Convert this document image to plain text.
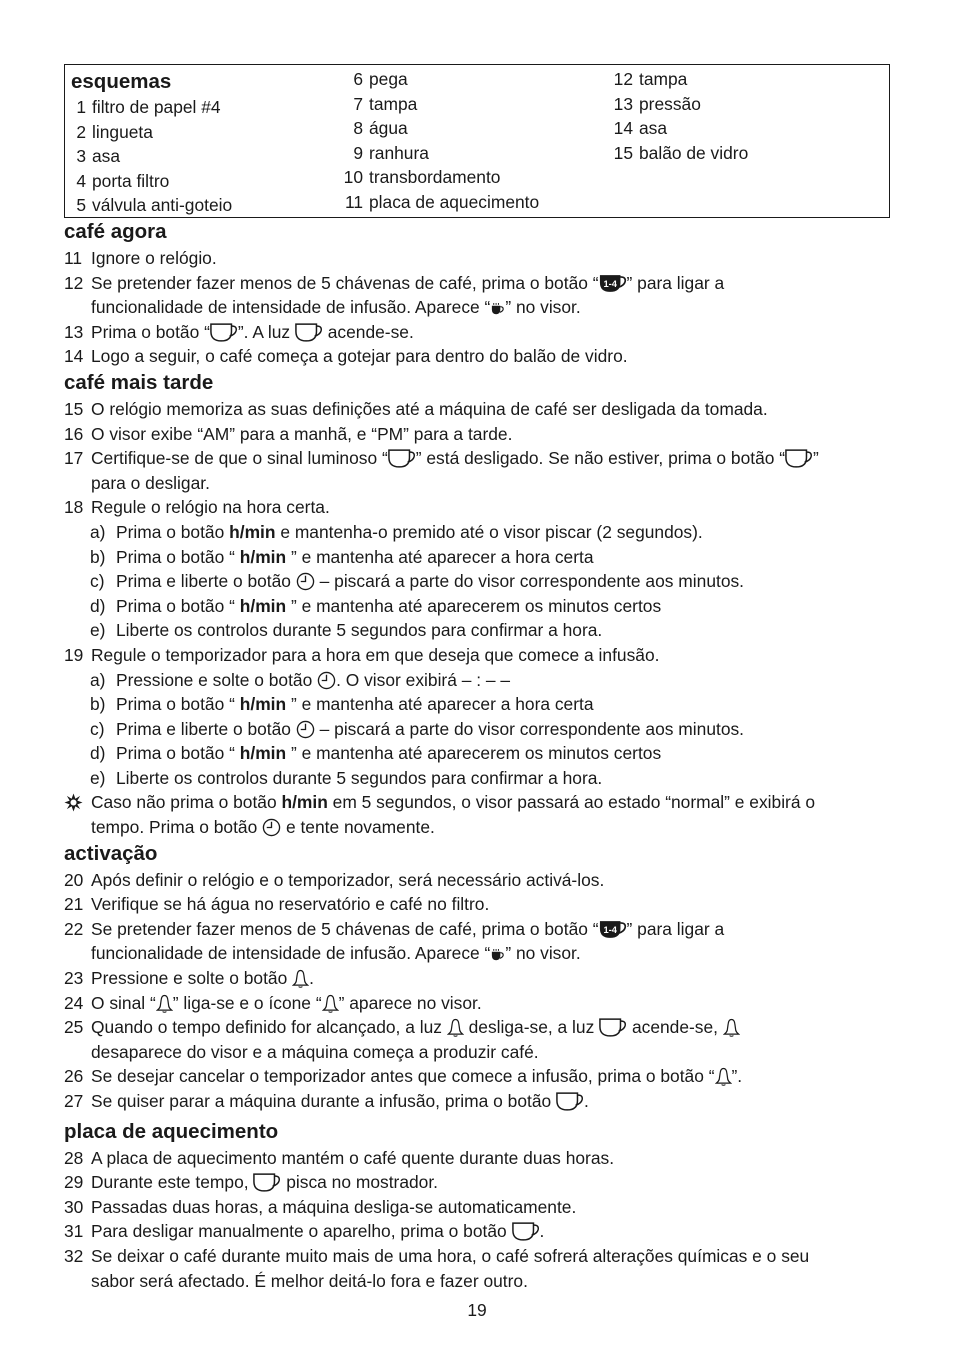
esquemas
1 filtro de papel #4
2 lingueta
3 asa
4 porta filtro
5 válvula anti-goteio
6 pega
7 tampa
8 água
9 ranhura
10 transbordamento
11 placa de aquecimento
12 tampa
13 pressão
14 asa
15 balão de vidro
café agora
11 Ignore o relógio.
12 Se pretender fazer menos de 5 chávenas de café, prima o botão “ ” para ligar a
funcionalidade de intensidade de infusão. Aparece “ ” no visor.
13 Prima o botão “ ”. A luz  acende-se.
14 Logo a seguir, o café começa a gotejar para dentro do balão de vidro.
café mais tarde
15 O relógio memoriza as suas definições até a máquina de café ser desligada da tomada.
16 O visor exibe “AM” para a manhã, e “PM” para a tarde.
17 Certifique-se de que o sinal luminoso “ ” está desligado. Se não estiver, prima o botão “ ”
para o desligar.
18 Regule o relógio na hora certa.
a) Prima o botão h/min e mantenha-o premido até o visor piscar (2 segundos).
b) Prima o botão “ h/min ” e mantenha até aparecer a hora certa
c) Prima e liberte o botão  – piscará a parte do visor correspondente aos minutos.
d) Prima o botão “ h/min ” e mantenha até aparecerem os minutos certos
e) Liberte os controlos durante 5 segundos para confirmar a hora.
19 Regule o temporizador para a hora em que deseja que comece a infusão.
a) Pressione e solte o botão . O visor exibirá – : – –
b) Prima o botão “ h/min ” e mantenha até aparecer a hora certa
c) Prima e liberte o botão  – piscará a parte do visor correspondente aos minutos.
d) Prima o botão “ h/min ” e mantenha até aparecerem os minutos certos
e) Liberte os controlos durante 5 segundos para confirmar a hora.
Caso não prima o botão h/min em 5 segundos, o visor passará ao estado “normal” e exibirá o
tempo. Prima o botão  e tente novamente.
activação
20 Após definir o relógio e o temporizador, será necessário activá-los.
21 Verifique se há água no reservatório e café no filtro.
22 Se pretender fazer menos de 5 chávenas de café, prima o botão “ ” para ligar a
funcionalidade de intensidade de infusão. Aparece “ ” no visor.
23 Pressione e solte o botão .
24 O sinal “ ” liga-se e o ícone “ ” aparece no visor.
25 Quando o tempo definido for alcançado, a luz  desliga-se, a luz  acende-se,
desaparece do visor e a máquina começa a produzir café.
26 Se desejar cancelar o temporizador antes que comece a infusão, prima o botão “ ”.
27 Se quiser parar a máquina durante a infusão, prima o botão .
placa de aquecimento
28 A placa de aquecimento mantém o café quente durante duas horas.
29 Durante este tempo,  pisca no mostrador.
30 Passadas duas horas, a máquina desliga-se automaticamente.
31 Para desligar manualmente o aparelho, prima o botão .
32 Se deixar o café durante muito mais de uma hora, o café sofrerá alterações químicas e o seu
sabor será afectado. É melhor deitá-lo fora e fazer outro.
19
